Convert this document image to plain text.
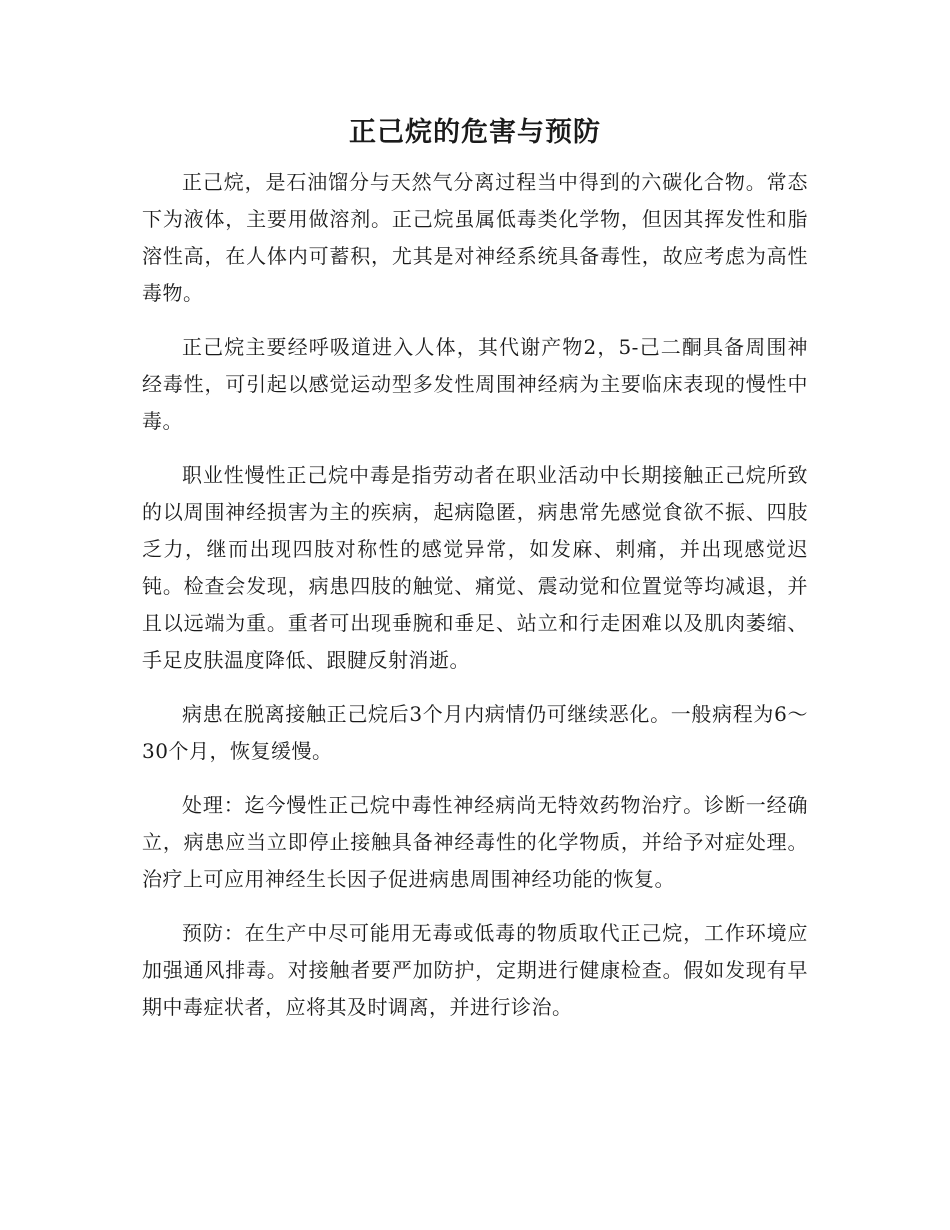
正己烷的危害与预防

正己烷，是石油馏分与天然气分离过程当中得到的六碳化合物。常态下为液体，主要用做溶剂。正己烷虽属低毒类化学物，但因其挥发性和脂溶性高，在人体内可蓄积，尤其是对神经系统具备毒性，故应考虑为高性毒物。

正己烷主要经呼吸道进入人体，其代谢产物2，5-己二酮具备周围神经毒性，可引起以感觉运动型多发性周围神经病为主要临床表现的慢性中毒。

职业性慢性正己烷中毒是指劳动者在职业活动中长期接触正己烷所致的以周围神经损害为主的疾病，起病隐匿，病患常先感觉食欲不振、四肢乏力，继而出现四肢对称性的感觉异常，如发麻、刺痛，并出现感觉迟钝。检查会发现，病患四肢的触觉、痛觉、震动觉和位置觉等均减退，并且以远端为重。重者可出现垂腕和垂足、站立和行走困难以及肌肉萎缩、手足皮肤温度降低、跟腱反射消逝。

病患在脱离接触正己烷后3个月内病情仍可继续恶化。一般病程为6～30个月，恢复缓慢。

处理：迄今慢性正己烷中毒性神经病尚无特效药物治疗。诊断一经确立，病患应当立即停止接触具备神经毒性的化学物质，并给予对症处理。治疗上可应用神经生长因子促进病患周围神经功能的恢复。

预防：在生产中尽可能用无毒或低毒的物质取代正己烷，工作环境应加强通风排毒。对接触者要严加防护，定期进行健康检查。假如发现有早期中毒症状者，应将其及时调离，并进行诊治。
